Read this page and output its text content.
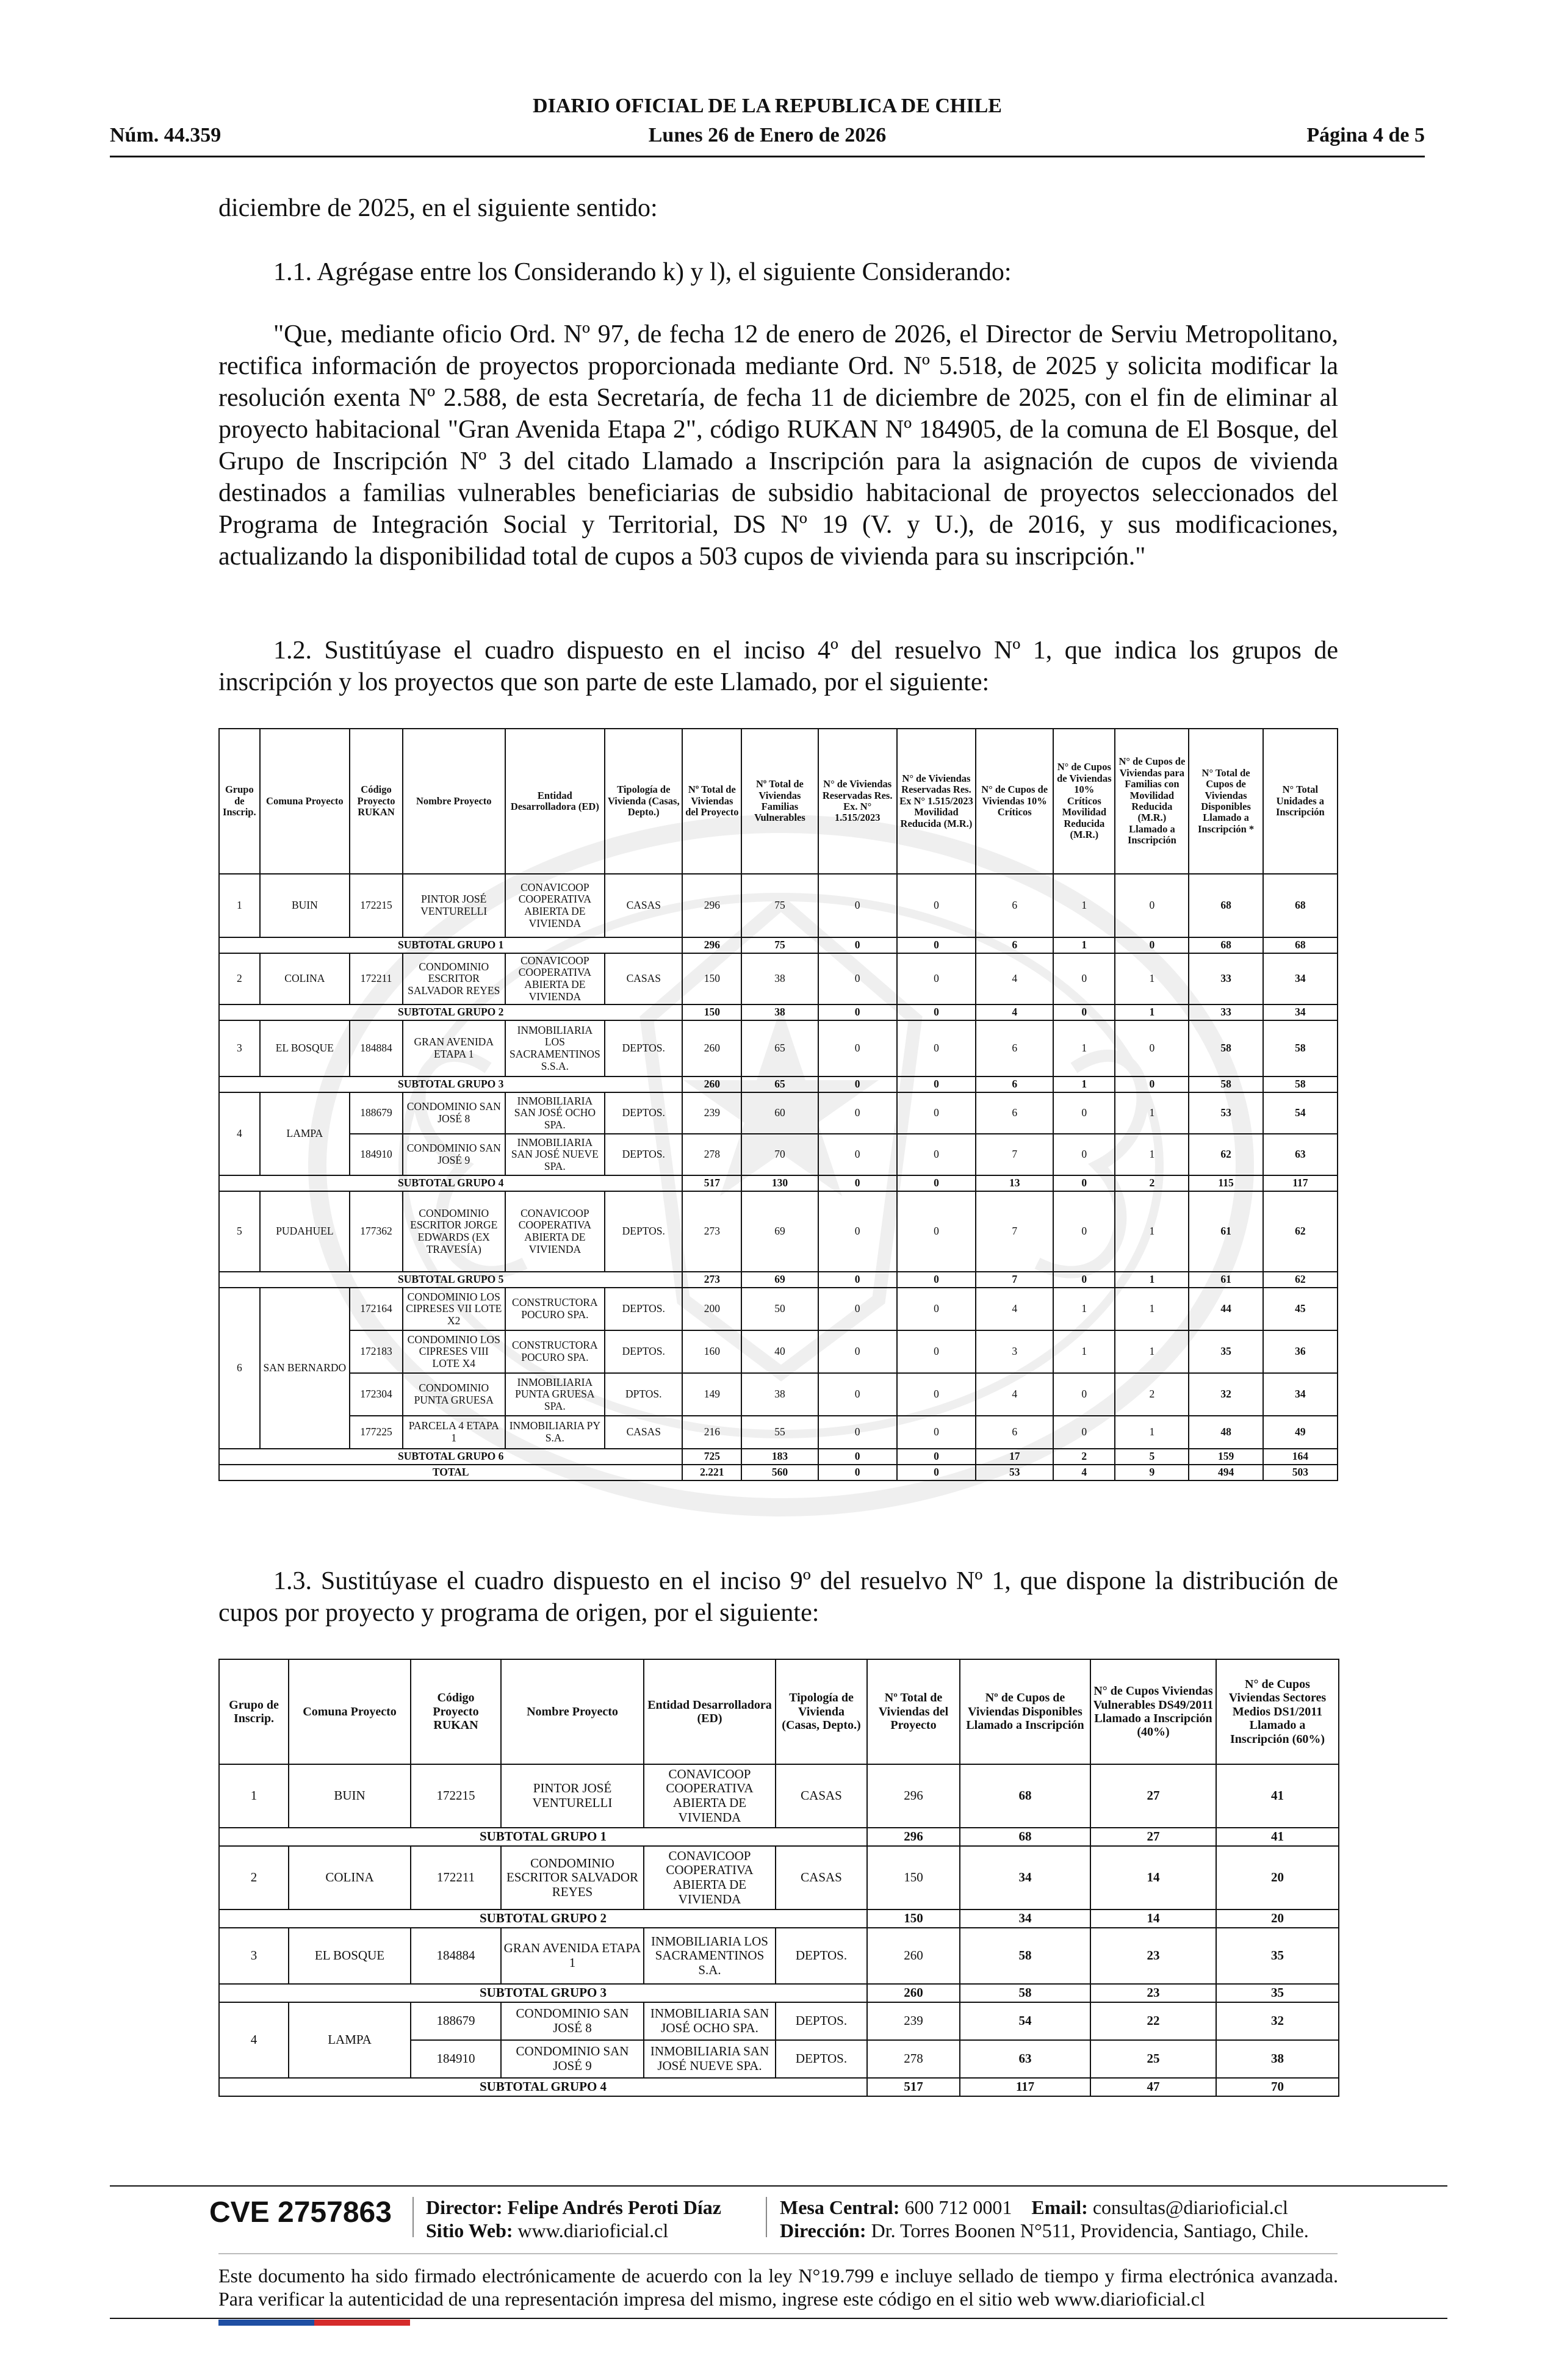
DIARIO OFICIAL DE LA REPUBLICA DE CHILE
Núm. 44.359	Lunes 26 de Enero de 2026	Página 4 de 5

diciembre de 2025, en el siguiente sentido:

1.1. Agrégase entre los Considerando k) y l), el siguiente Considerando:

"Que, mediante oficio Ord. Nº 97, de fecha 12 de enero de 2026, el Director de Serviu Metropolitano, rectifica información de proyectos proporcionada mediante Ord. Nº 5.518, de 2025 y solicita modificar la resolución exenta Nº 2.588, de esta Secretaría, de fecha 11 de diciembre de 2025, con el fin de eliminar al proyecto habitacional "Gran Avenida Etapa 2", código RUKAN Nº 184905, de la comuna de El Bosque, del Grupo de Inscripción Nº 3 del citado Llamado a Inscripción para la asignación de cupos de vivienda destinados a familias vulnerables beneficiarias de subsidio habitacional de proyectos seleccionados del Programa de Integración Social y Territorial, DS Nº 19 (V. y U.), de 2016, y sus modificaciones, actualizando la disponibilidad total de cupos a 503 cupos de vivienda para su inscripción."

1.2. Sustitúyase el cuadro dispuesto en el inciso 4º del resuelvo Nº 1, que indica los grupos de inscripción y los proyectos que son parte de este Llamado, por el siguiente:

Grupo de Inscrip.	Comuna Proyecto	Código Proyecto RUKAN	Nombre Proyecto	Entidad Desarrolladora (ED)	Tipología de Vivienda (Casas, Depto.)	Nº Total de Viviendas del Proyecto	Nº Total de Viviendas Familias Vulnerables	N° de Viviendas Reservadas Res. Ex. N° 1.515/2023	N° de Viviendas Reservadas Res. Ex N° 1.515/2023 Movilidad Reducida (M.R.)	N° de Cupos de Viviendas 10% Críticos	N° de Cupos de Viviendas 10% Críticos Movilidad Reducida (M.R.)	N° de Cupos de Viviendas para Familias con Movilidad Reducida (M.R.) Llamado a Inscripción	N° Total de Cupos de Viviendas Disponibles Llamado a Inscripción *	N° Total Unidades a Inscripción
1	BUIN	172215	PINTOR JOSÉ VENTURELLI	CONAVICOOP COOPERATIVA ABIERTA DE VIVIENDA	CASAS	296	75	0	0	6	1	0	68	68
SUBTOTAL GRUPO 1						296	75	0	0	6	1	0	68	68
2	COLINA	172211	CONDOMINIO ESCRITOR SALVADOR REYES	CONAVICOOP COOPERATIVA ABIERTA DE VIVIENDA	CASAS	150	38	0	0	4	0	1	33	34
SUBTOTAL GRUPO 2						150	38	0	0	4	0	1	33	34
3	EL BOSQUE	184884	GRAN AVENIDA ETAPA 1	INMOBILIARIA LOS SACRAMENTINOS S.S.A.	DEPTOS.	260	65	0	0	6	1	0	58	58
SUBTOTAL GRUPO 3						260	65	0	0	6	1	0	58	58
4	LAMPA	188679	CONDOMINIO SAN JOSÉ 8	INMOBILIARIA SAN JOSÉ OCHO SPA.	DEPTOS.	239	60	0	0	6	0	1	53	54
		184910	CONDOMINIO SAN JOSÉ 9	INMOBILIARIA SAN JOSÉ NUEVE SPA.	DEPTOS.	278	70	0	0	7	0	1	62	63
SUBTOTAL GRUPO 4						517	130	0	0	13	0	2	115	117
5	PUDAHUEL	177362	CONDOMINIO ESCRITOR JORGE EDWARDS (EX TRAVESÍA)	CONAVICOOP COOPERATIVA ABIERTA DE VIVIENDA	DEPTOS.	273	69	0	0	7	0	1	61	62
SUBTOTAL GRUPO 5						273	69	0	0	7	0	1	61	62
6	SAN BERNARDO	172164	CONDOMINIO LOS CIPRESES VII LOTE X2	CONSTRUCTORA POCURO SPA.	DEPTOS.	200	50	0	0	4	1	1	44	45
		172183	CONDOMINIO LOS CIPRESES VIII LOTE X4	CONSTRUCTORA POCURO SPA.	DEPTOS.	160	40	0	0	3	1	1	35	36
		172304	CONDOMINIO PUNTA GRUESA	INMOBILIARIA PUNTA GRUESA SPA.	DPTOS.	149	38	0	0	4	0	2	32	34
		177225	PARCELA 4 ETAPA 1	INMOBILIARIA PY S.A.	CASAS	216	55	0	0	6	0	1	48	49
SUBTOTAL GRUPO 6						725	183	0	0	17	2	5	159	164
TOTAL						2.221	560	0	0	53	4	9	494	503

1.3. Sustitúyase el cuadro dispuesto en el inciso 9º del resuelvo Nº 1, que dispone la distribución de cupos por proyecto y programa de origen, por el siguiente:

Grupo de Inscrip.	Comuna Proyecto	Código Proyecto RUKAN	Nombre Proyecto	Entidad Desarrolladora (ED)	Tipología de Vivienda (Casas, Depto.)	Nº Total de Viviendas del Proyecto	Nº de Cupos de Viviendas Disponibles Llamado a Inscripción	N° de Cupos Viviendas Vulnerables DS49/2011 Llamado a Inscripción (40%)	N° de Cupos Viviendas Sectores Medios DS1/2011 Llamado a Inscripción (60%)
1	BUIN	172215	PINTOR JOSÉ VENTURELLI	CONAVICOOP COOPERATIVA ABIERTA DE VIVIENDA	CASAS	296	68	27	41
SUBTOTAL GRUPO 1						296	68	27	41
2	COLINA	172211	CONDOMINIO ESCRITOR SALVADOR REYES	CONAVICOOP COOPERATIVA ABIERTA DE VIVIENDA	CASAS	150	34	14	20
SUBTOTAL GRUPO 2						150	34	14	20
3	EL BOSQUE	184884	GRAN AVENIDA ETAPA 1	INMOBILIARIA LOS SACRAMENTINOS S.A.	DEPTOS.	260	58	23	35
SUBTOTAL GRUPO 3						260	58	23	35
4	LAMPA	188679	CONDOMINIO SAN JOSÉ 8	INMOBILIARIA SAN JOSÉ OCHO SPA.	DEPTOS.	239	54	22	32
		184910	CONDOMINIO SAN JOSÉ 9	INMOBILIARIA SAN JOSÉ NUEVE SPA.	DEPTOS.	278	63	25	38
SUBTOTAL GRUPO 4						517	117	47	70
CVE 2757863 Director: Felipe Andrés Peroti Díaz
Sitio Web: www.diarioficial.cl
Mesa Central: 600 712 0001 Email: consultas@diarioficial.cl
Dirección: Dr. Torres Boonen N°511, Providencia, Santiago, Chile.
Este documento ha sido firmado electrónicamente de acuerdo con la ley N°19.799 e incluye sellado de tiempo y firma electrónica avanzada. Para verificar la autenticidad de una representación impresa del mismo, ingrese este código en el sitio web www.diarioficial.cl
